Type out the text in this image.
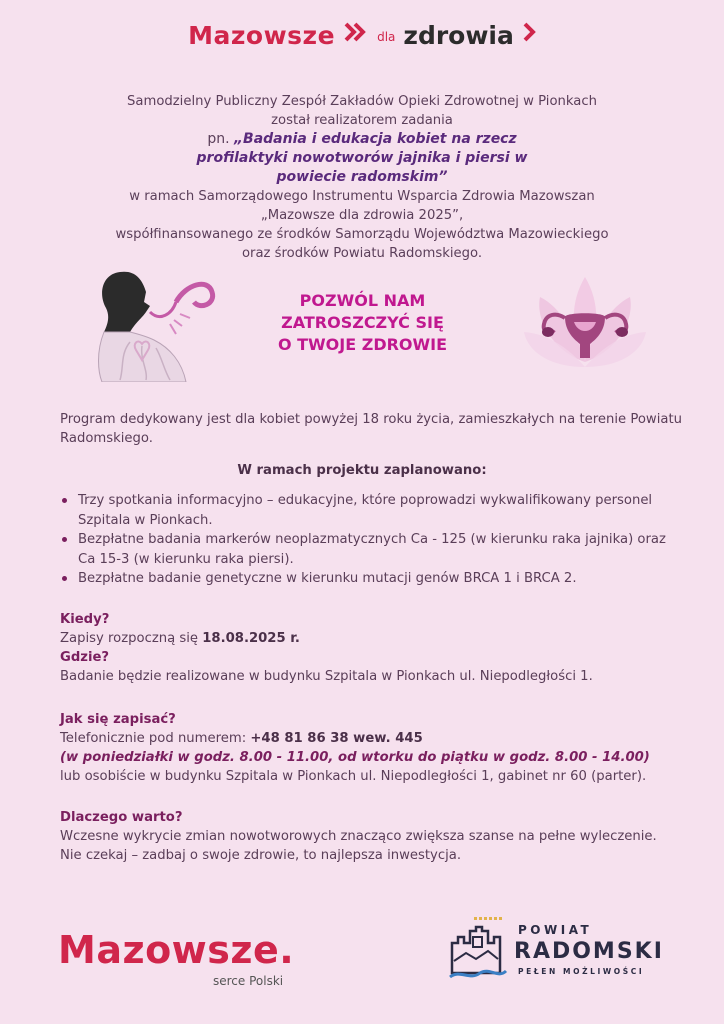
Mazowsze	dla zdrowia
Samodzielny Publiczny Zespół Zakładów Opieki Zdrowotnej w Pionkach
został realizatorem zadania
pn. „Badania i edukacja kobiet na rzecz profilaktyki nowotworów jajnika i piersi w powiecie radomskim”
w ramach Samorządowego Instrumentu Wsparcia Zdrowia Mazowszan
„Mazowsze dla zdrowia 2025”,
współfinansowanego ze środków Samorządu Województwa Mazowieckiego
oraz środków Powiatu Radomskiego.
POZWÓL NAM
ZATROSZCZYĆ SIĘ
O TWOJE ZDROWIE
Program dedykowany jest dla kobiet powyżej 18 roku życia, zamieszkałych na terenie Powiatu Radomskiego.
W ramach projektu zaplanowano:
Trzy spotkania informacyjno – edukacyjne, które poprowadzi wykwalifikowany personel Szpitala w Pionkach.
Bezpłatne badania markerów neoplazmatycznych Ca - 125 (w kierunku raka jajnika) oraz Ca 15-3 (w kierunku raka piersi).
Bezpłatne badanie genetyczne w kierunku mutacji genów BRCA 1 i BRCA 2.
Kiedy?
Zapisy rozpoczną się 18.08.2025 r.
Gdzie?
Badanie będzie realizowane w budynku Szpitala w Pionkach ul. Niepodległości 1.
Jak się zapisać?
Telefonicznie pod numerem: +48 81 86 38 wew. 445
(w poniedziałki w godz. 8.00 - 11.00, od wtorku do piątku w godz. 8.00 - 14.00)
lub osobiście w budynku Szpitala w Pionkach ul. Niepodległości 1, gabinet nr 60 (parter).
Dlaczego warto?
Wczesne wykrycie zmian nowotworowych znacząco zwiększa szanse na pełne wyleczenie.
Nie czekaj – zadbaj o swoje zdrowie, to najlepsza inwestycja.
Mazowsze.
serce Polski
POWIAT
RADOMSKI
PEŁEN MOŻLIWOŚCI
